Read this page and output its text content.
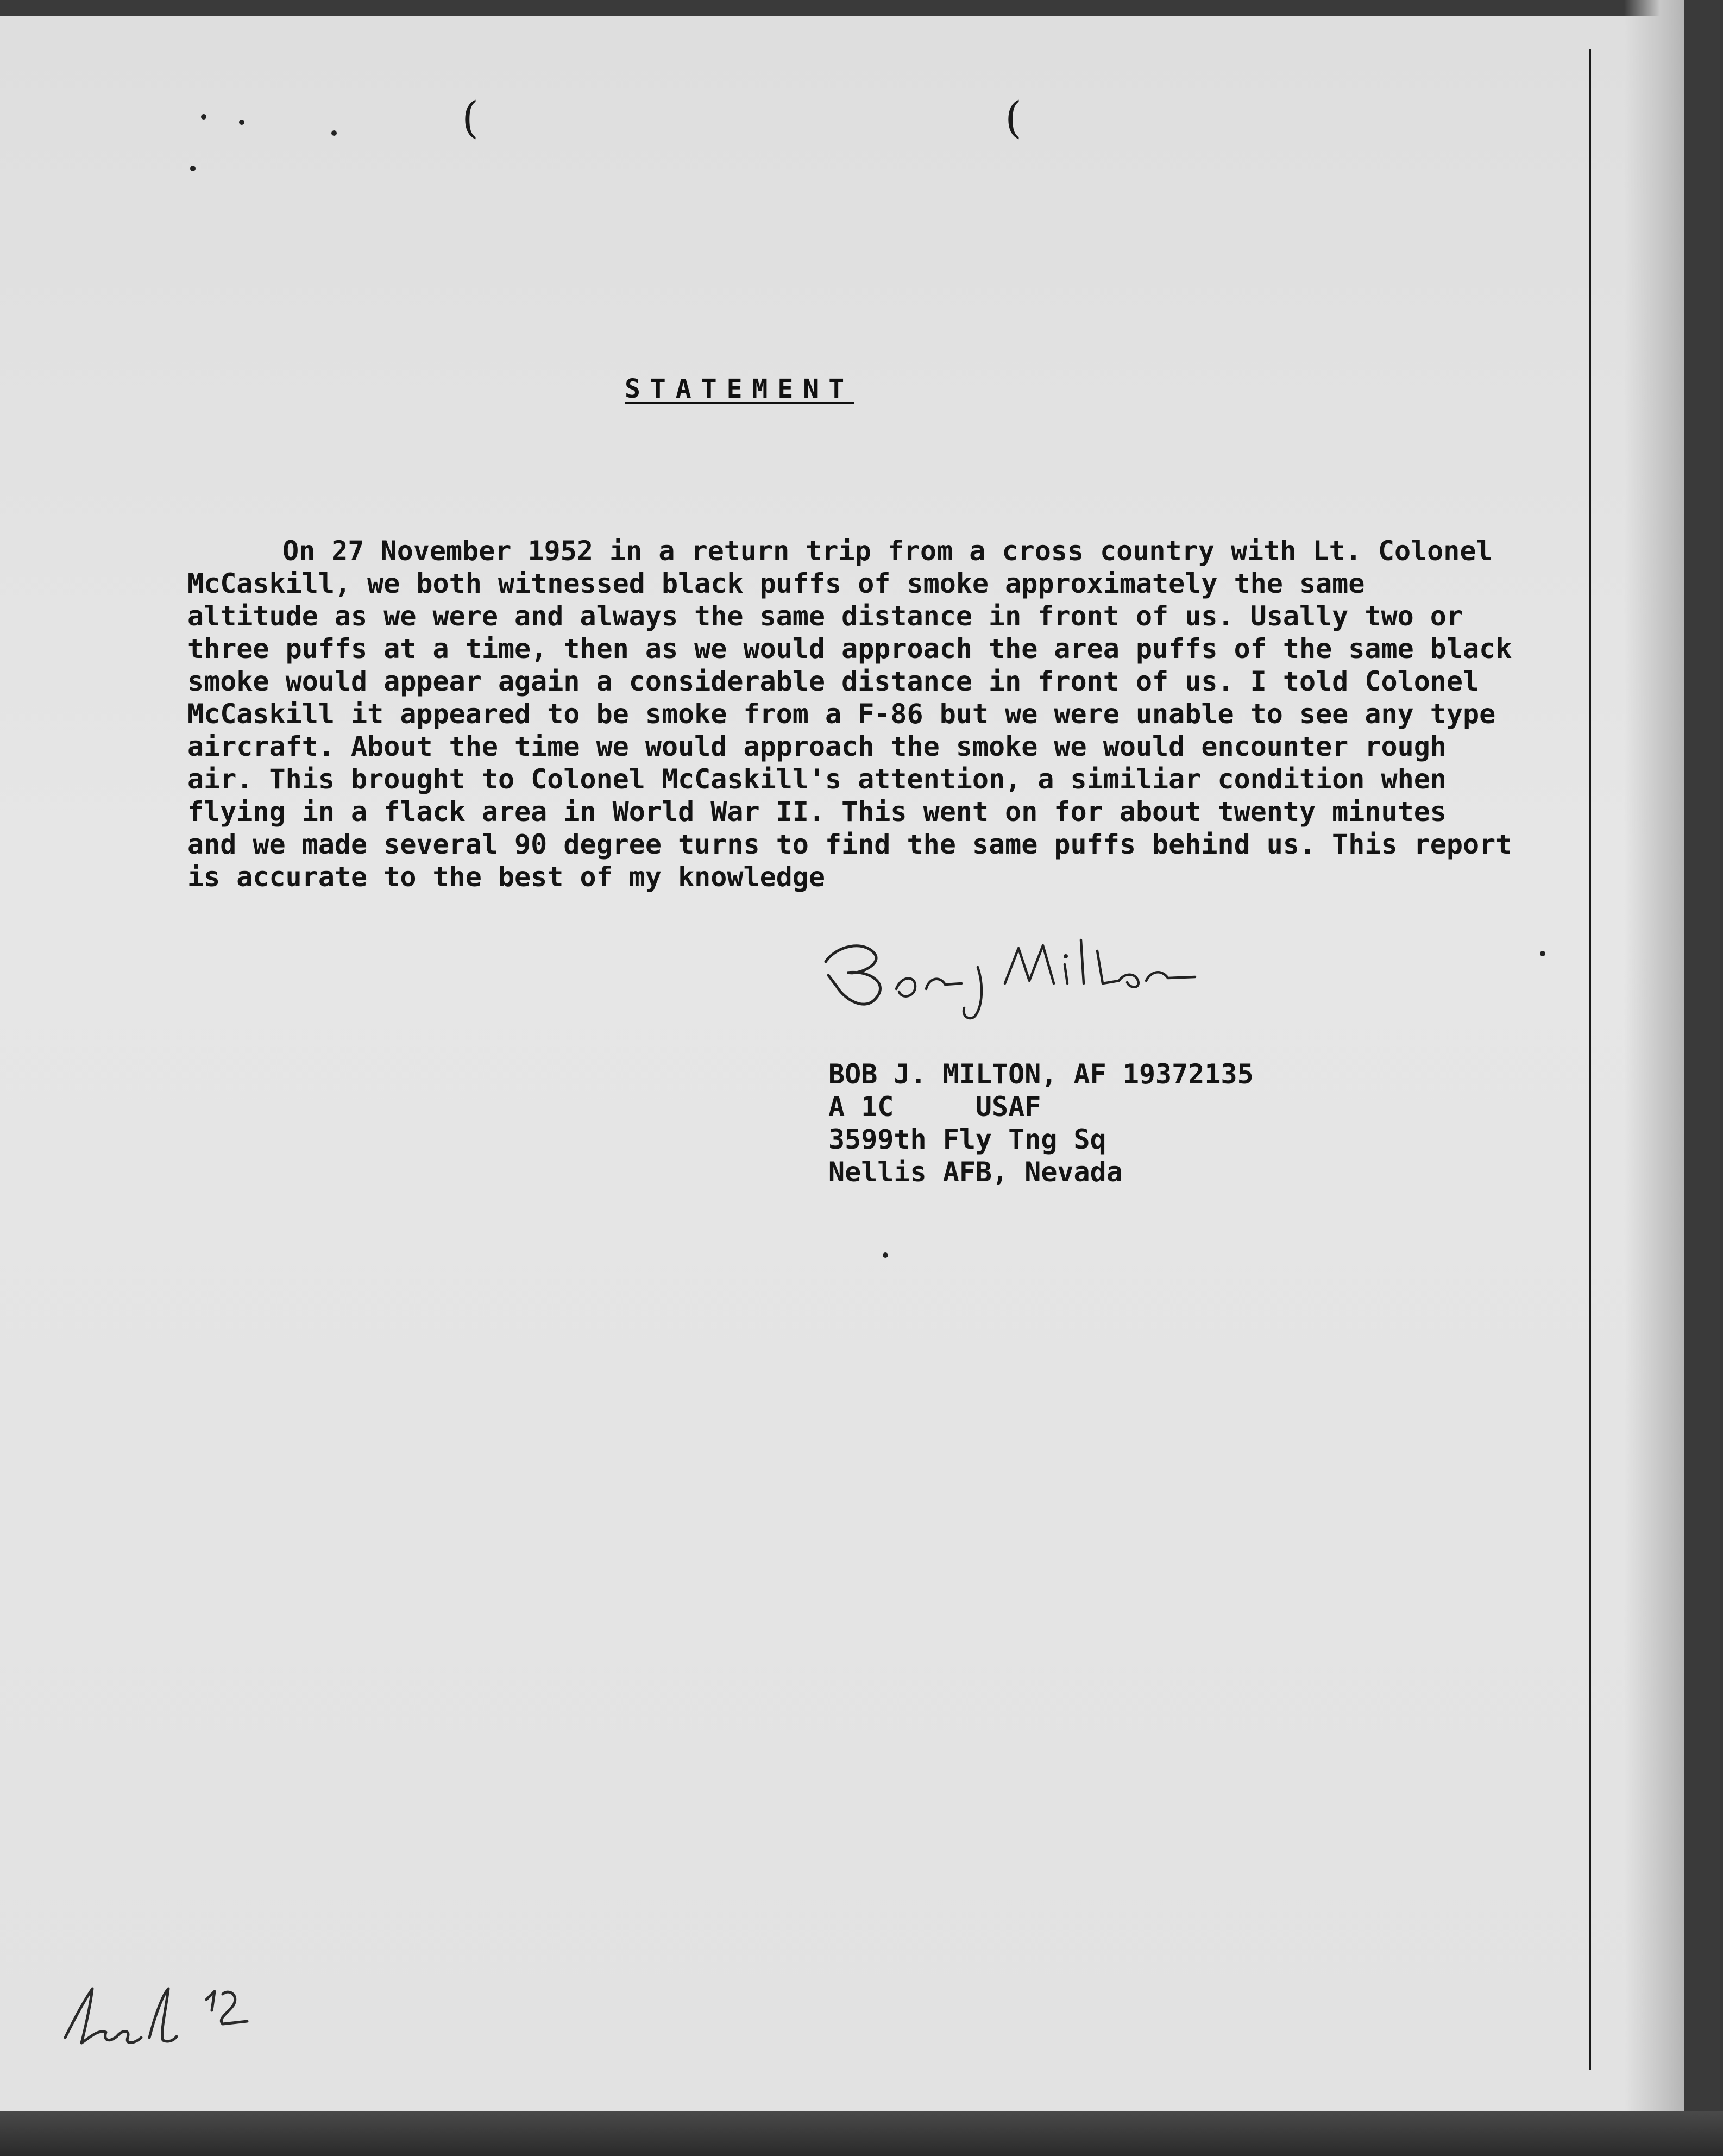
(	(
STATEMENT
On 27 November 1952 in a return trip from a cross country with Lt. Colonel
McCaskill, we both witnessed black puffs of smoke approximately the same
altitude as we were and always the same distance in front of us. Usally two or
three puffs at a time, then as we would approach the area puffs of the same black
smoke would appear again a considerable distance in front of us. I told Colonel
McCaskill it appeared to be smoke from a F-86 but we were unable to see any type
aircraft. About the time we would approach the smoke we would encounter rough
air. This brought to Colonel McCaskill's attention, a similiar condition when
flying in a flack area in World War II. This went on for about twenty minutes
and we made several 90 degree turns to find the same puffs behind us. This report
is accurate to the best of my knowledge
BOB J. MILTON, AF 19372135
A 1C     USAF
3599th Fly Tng Sq
Nellis AFB, Nevada
